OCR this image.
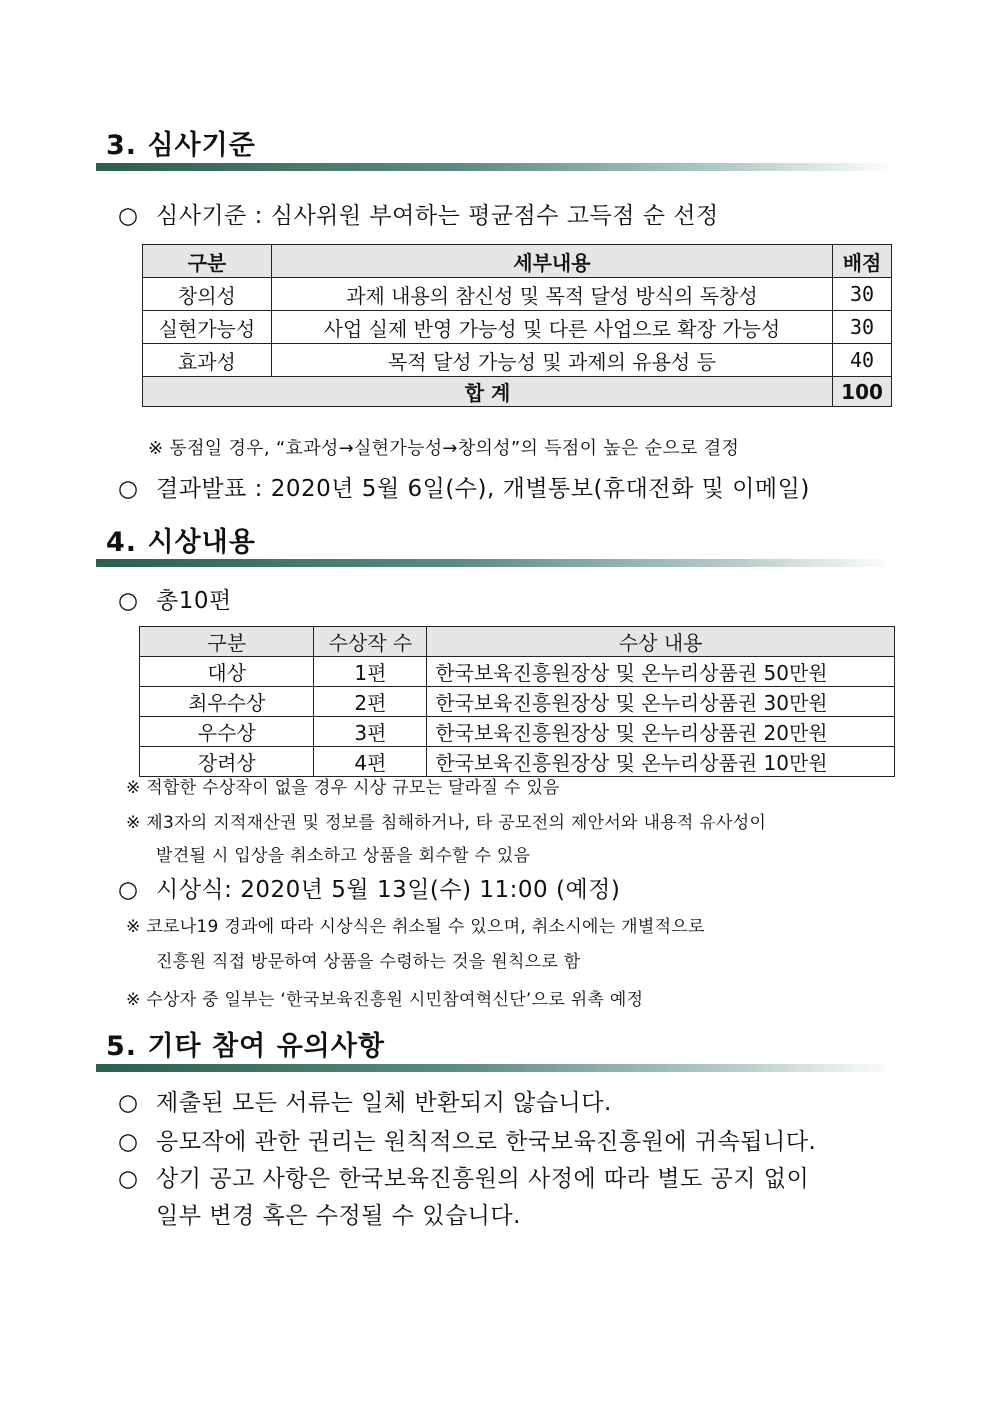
3. 심사기준
○ 심사기준 : 심사위원 부여하는 평균점수 고득점 순 선정
구분	세부내용	배점
창의성	과제 내용의 참신성 및 목적 달성 방식의 독창성	30
실현가능성	사업 실제 반영 가능성 및 다른 사업으로 확장 가능성	30
효과성	목적 달성 가능성 및 과제의 유용성 등	40
합 계		100
※ 동점일 경우, “효과성→실현가능성→창의성”의 득점이 높은 순으로 결정
○ 결과발표 : 2020년 5월 6일(수), 개별통보(휴대전화 및 이메일)
4. 시상내용
○ 총10편
구분	수상작 수	수상 내용
대상	1편	한국보육진흥원장상 및 온누리상품권 50만원
최우수상	2편	한국보육진흥원장상 및 온누리상품권 30만원
우수상	3편	한국보육진흥원장상 및 온누리상품권 20만원
장려상	4편	한국보육진흥원장상 및 온누리상품권 10만원
※ 적합한 수상작이 없을 경우 시상 규모는 달라질 수 있음
※ 제3자의 지적재산권 및 정보를 침해하거나, 타 공모전의 제안서와 내용적 유사성이
발견될 시 입상을 취소하고 상품을 회수할 수 있음
○ 시상식: 2020년 5월 13일(수) 11:00 (예정)
※ 코로나19 경과에 따라 시상식은 취소될 수 있으며, 취소시에는 개별적으로
진흥원 직접 방문하여 상품을 수령하는 것을 원칙으로 함
※ 수상자 중 일부는 ‘한국보육진흥원 시민참여혁신단’으로 위촉 예정
5. 기타 참여 유의사항
○ 제출된 모든 서류는 일체 반환되지 않습니다.
○ 응모작에 관한 권리는 원칙적으로 한국보육진흥원에 귀속됩니다.
○ 상기 공고 사항은 한국보육진흥원의 사정에 따라 별도 공지 없이
일부 변경 혹은 수정될 수 있습니다.
